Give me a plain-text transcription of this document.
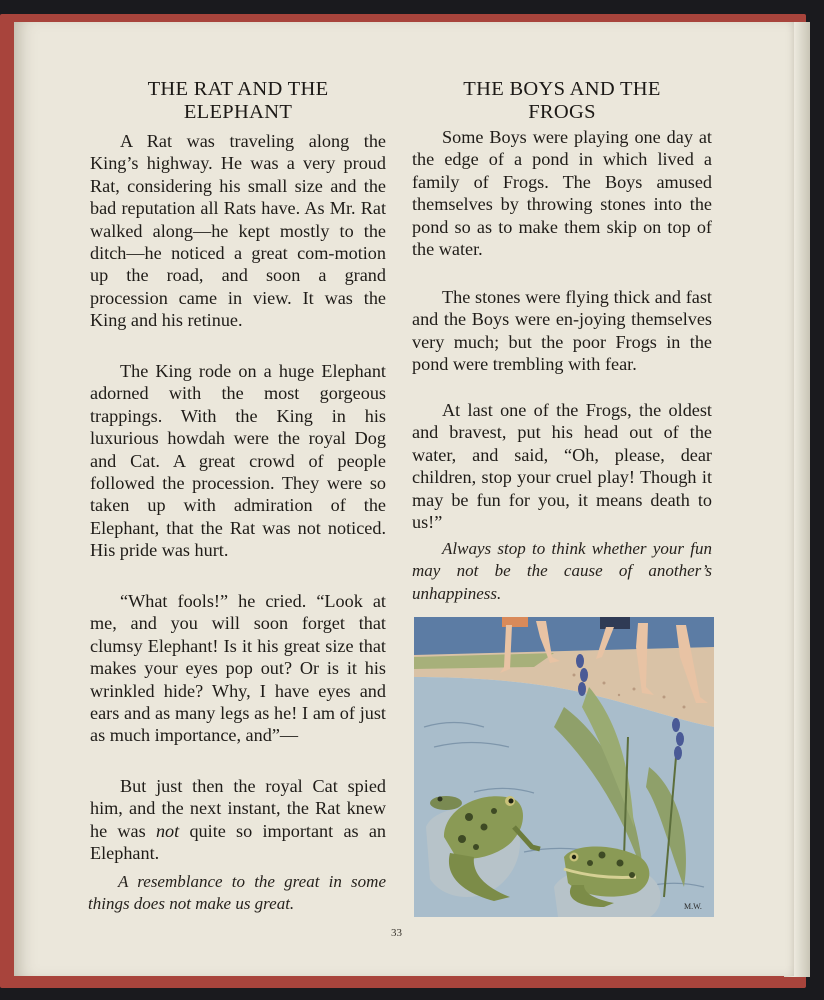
THE RAT AND THE
ELEPHANT

A Rat was traveling along the King’s highway. He was a very proud Rat, considering his small size and the bad reputation all Rats have. As Mr. Rat walked along—he kept mostly to the ditch—he noticed a great com-motion up the road, and soon a grand procession came in view. It was the King and his retinue.

The King rode on a huge Elephant adorned with the most gorgeous trappings. With the King in his luxurious howdah were the royal Dog and Cat. A great crowd of people followed the procession. They were so taken up with admiration of the Elephant, that the Rat was not noticed. His pride was hurt.

“What fools!” he cried. “Look at me, and you will soon forget that clumsy Elephant! Is it his great size that makes your eyes pop out? Or is it his wrinkled hide? Why, I have eyes and ears and as many legs as he! I am of just as much importance, and”—

But just then the royal Cat spied him, and the next instant, the Rat knew he was not quite so important as an Elephant.

A resemblance to the great in some things does not make us great.

THE BOYS AND THE
FROGS

Some Boys were playing one day at the edge of a pond in which lived a family of Frogs. The Boys amused themselves by throwing stones into the pond so as to make them skip on top of the water.

The stones were flying thick and fast and the Boys were en-joying themselves very much; but the poor Frogs in the pond were trembling with fear.

At last one of the Frogs, the oldest and bravest, put his head out of the water, and said, “Oh, please, dear children, stop your cruel play! Though it may be fun for you, it means death to us!”

Always stop to think whether your fun may not be the cause of another’s unhappiness.

M.W.
33
